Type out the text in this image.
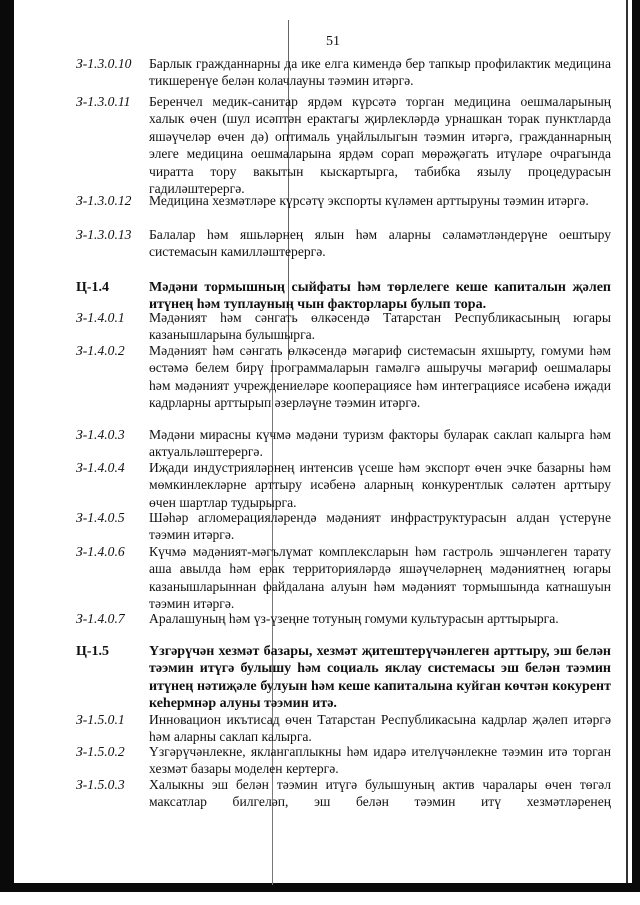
51
З-1.3.0.10 Барлык гражданнарны да ике елга кимендә бер тапкыр профилактик медицина тикшеренүе белән колачлауны тәэмин итәргә.
З-1.3.0.11 Беренчел медик-санитар ярдәм күрсәтә торган медицина оешмаларының халык өчен (шул исәптән ерактагы җирлекләрдә урнашкан торак пунктларда яшәүчеләр өчен дә) оптималь уңайлылыгын тәэмин итәргә, гражданнарның элеге медицина оешмаларына ярдәм сорап мөрәҗәгать итүләре очрагында чиратта тору вакытын кыскартырга, табибка язылу процедурасын гадиләштерергә.
З-1.3.0.12 Медицина хезмәтләре күрсәтү экспорты күләмен арттыруны тәэмин итәргә.
З-1.3.0.13 Балалар һәм яшьләрнең ялын һәм аларны сәламәтләндерүне оештыру системасын камилләштерергә.
Ц-1.4	Мәдәни тормышның сыйфаты һәм төрлелеге кеше капиталын җәлеп итүнең һәм туплауның чын факторлары булып тора.
З-1.4.0.1 Мәдәният һәм сәнгать өлкәсендә Татарстан Республикасының югары казанышларына булышырга.
З-1.4.0.2 Мәдәният һәм сәнгать өлкәсендә мәгариф системасын яхшырту, гомуми һәм өстәмә белем бирү программаларын гамәлгә ашыручы мәгариф оешмалары һәм мәдәният учреждениеләре кооперациясе һәм интеграциясе исәбенә иҗади кадрларны арттырып әзерләүне тәэмин итәргә.
З-1.4.0.3 Мәдәни мирасны күчмә мәдәни туризм факторы буларак саклап калырга һәм актуальләштерергә.
З-1.4.0.4 Иҗади индустрияләрнең интенсив үсеше һәм экспорт өчен эчке базарны һәм мөмкинлекләрне арттыру исәбенә аларның конкурентлык сәләтен арттыру өчен шартлар тудырырга.
З-1.4.0.5 Шәһәр агломерацияләрендә мәдәният инфраструктурасын алдан үстерүне тәэмин итәргә.
З-1.4.0.6 Күчмә мәдәният-мәгълүмат комплексларын һәм гастроль эшчәнлеген тарату аша авылда һәм ерак территорияләрдә яшәүчеләрнең мәдәниятнең югары казанышларыннан файдалана алуын һәм мәдәният тормышында катнашуын тәэмин итәргә.
З-1.4.0.7 Аралашуның һәм үз-үзеңне тотуның гомуми культурасын арттырырга.
Ц-1.5	Үзгәрүчән хезмәт базары, хезмәт җитештерүчәнлеген арттыру, эш белән тәэмин итүгә булышу һәм социаль яклау системасы эш белән тәэмин итүнең нәтиҗәле булуын һәм кеше капиталына куйган көчтән кокурент кеһермнәр алуны тәэмин итә.
З-1.5.0.1 Инновацион икътисад өчен Татарстан Республикасына кадрлар җәлеп итәргә һәм аларны саклап калырга.
З-1.5.0.2 Үзгәрүчәнлекне, яклангаплыкны һәм идарә ителүчәнлекне тәэмин итә торган хезмәт базары моделен кертергә.
З-1.5.0.3 Халыкны эш белән тәэмин итүгә булышуның актив чаралары өчен төгәл максатлар билгеләп, эш белән тәэмин итү хезмәтләренең
